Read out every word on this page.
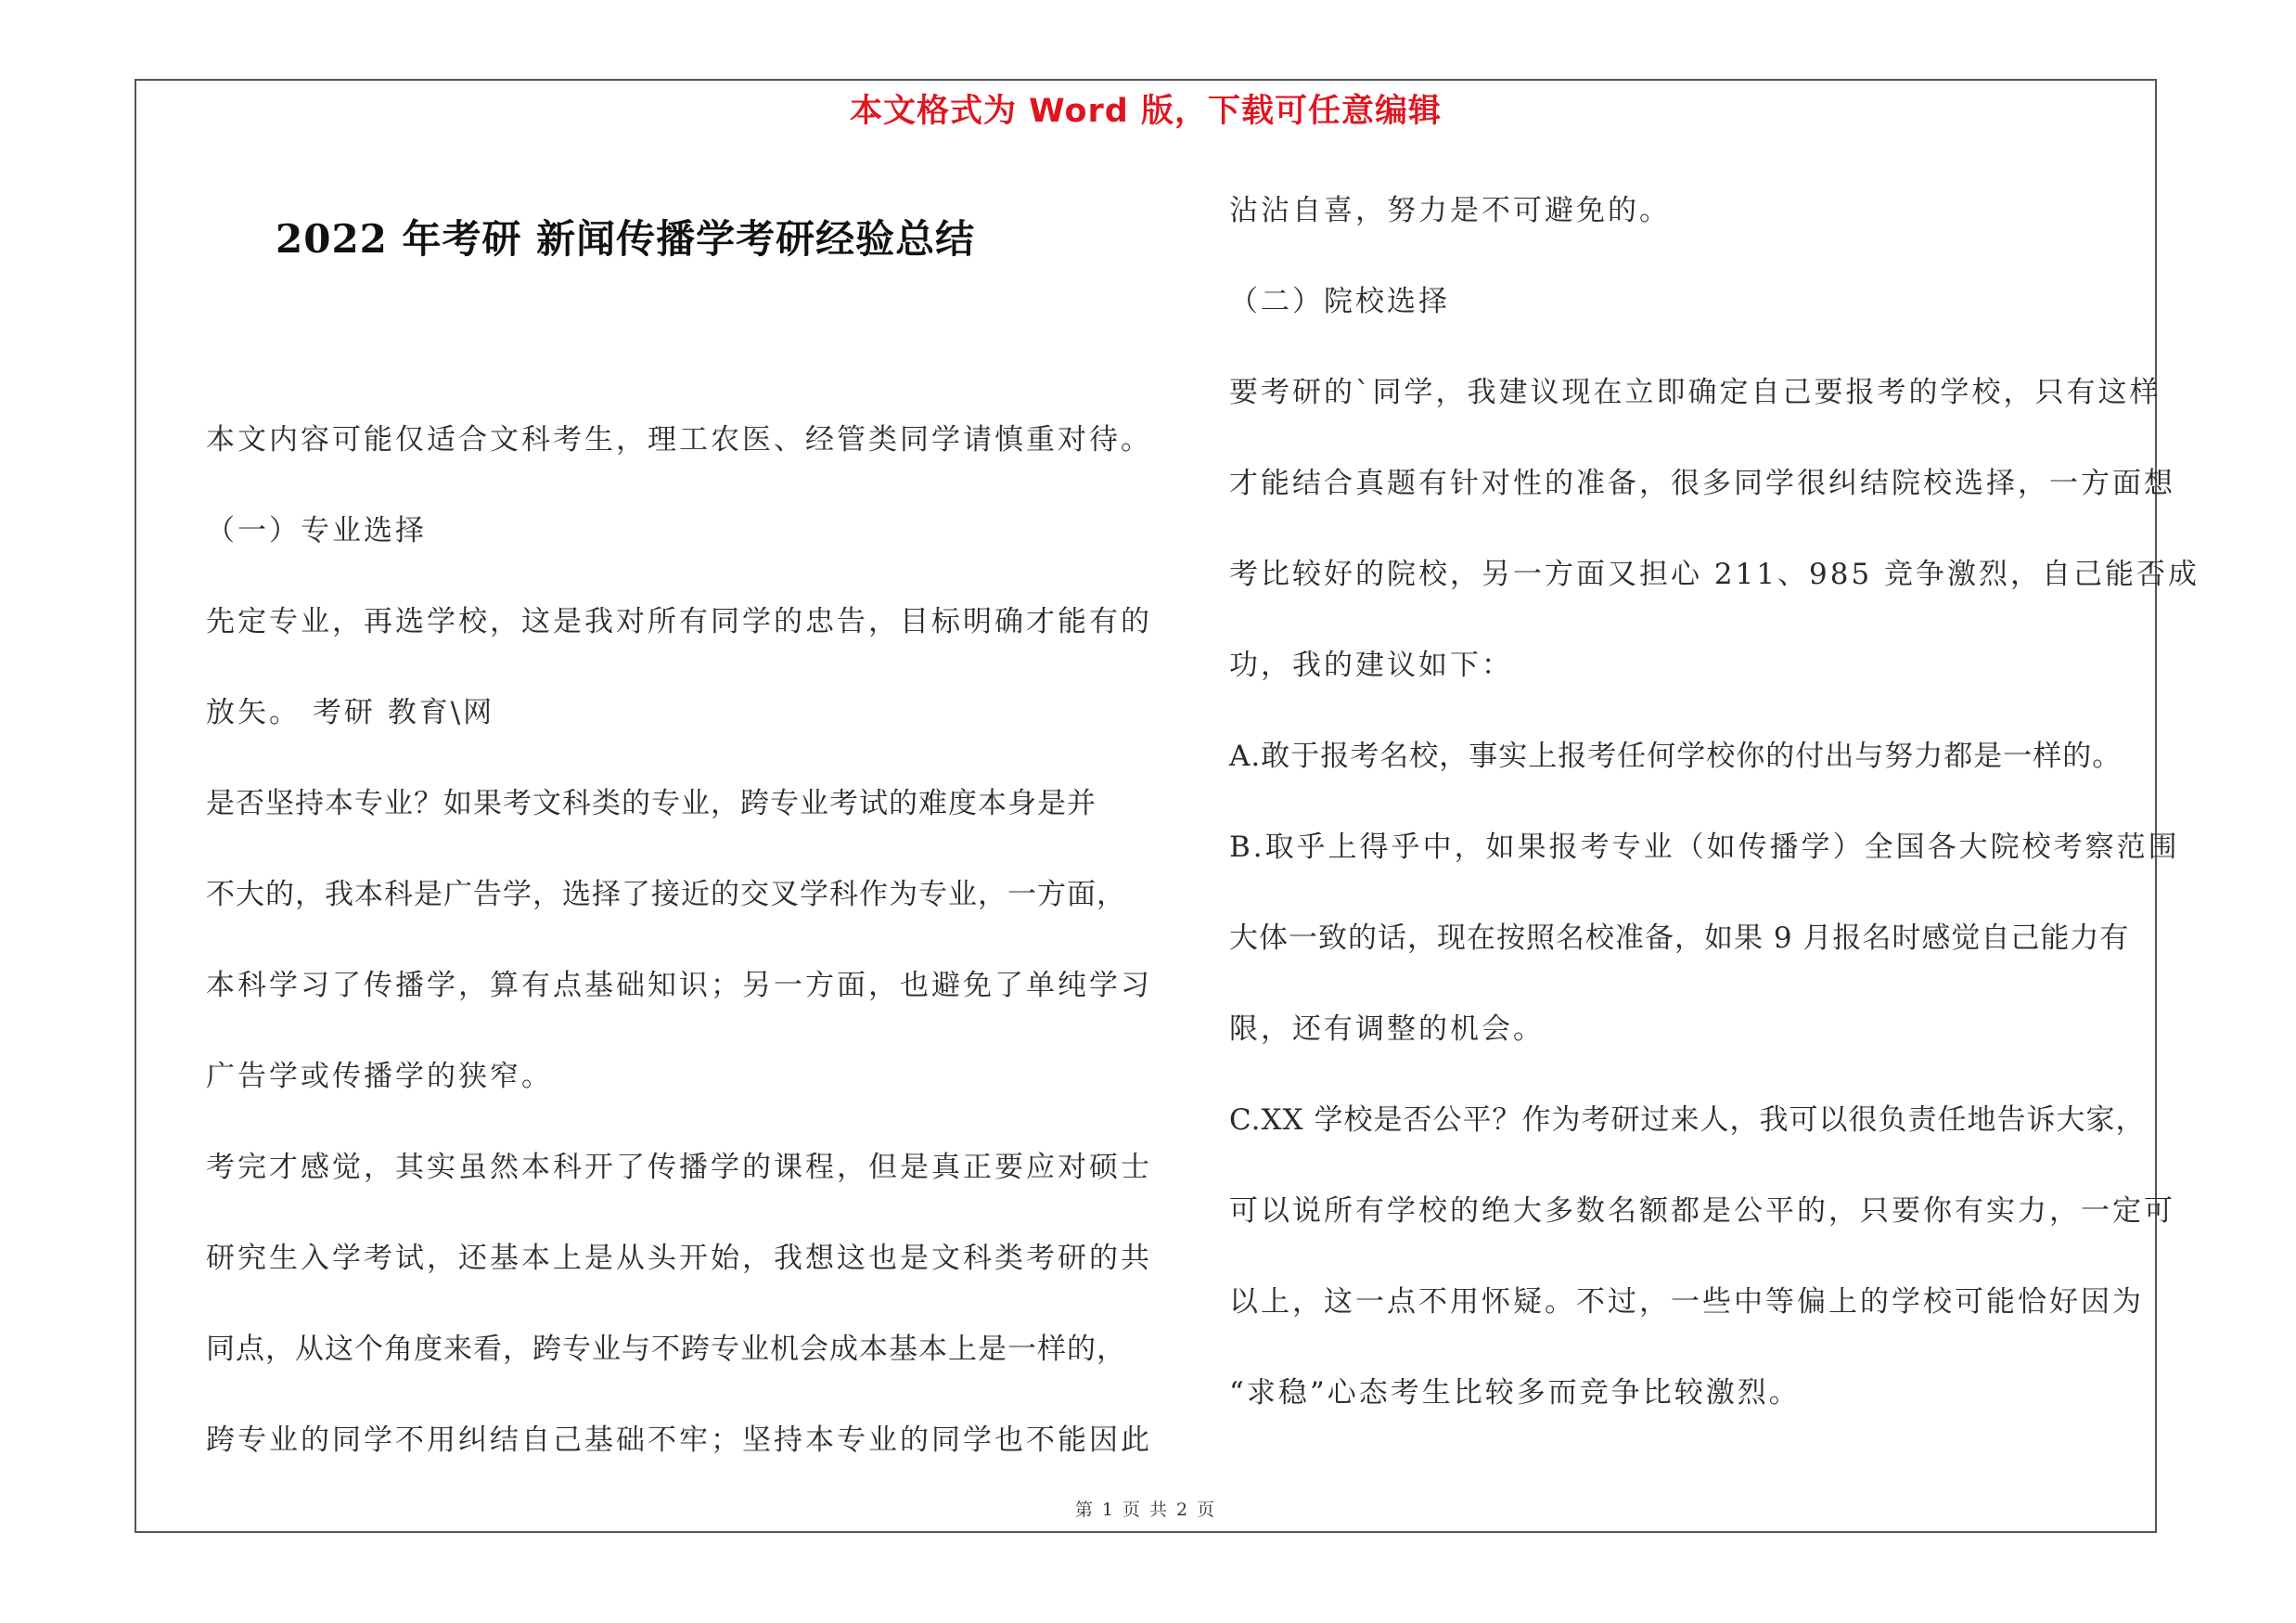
本文格式为 Word 版，下载可任意编辑
2022 年考研 新闻传播学考研经验总结
本文内容可能仅适合文科考生，理工农医、经管类同学请慎重对待。
（一）专业选择
先定专业，再选学校，这是我对所有同学的忠告，目标明确才能有的
放矢。 考研 教育\网
是否坚持本专业？如果考文科类的专业，跨专业考试的难度本身是并
不大的，我本科是广告学，选择了接近的交叉学科作为专业，一方面，
本科学习了传播学，算有点基础知识；另一方面，也避免了单纯学习
广告学或传播学的狭窄。
考完才感觉，其实虽然本科开了传播学的课程，但是真正要应对硕士
研究生入学考试，还基本上是从头开始，我想这也是文科类考研的共
同点，从这个角度来看，跨专业与不跨专业机会成本基本上是一样的，
跨专业的同学不用纠结自己基础不牢；坚持本专业的同学也不能因此
沾沾自喜，努力是不可避免的。
（二）院校选择
要考研的`同学，我建议现在立即确定自己要报考的学校，只有这样
才能结合真题有针对性的准备，很多同学很纠结院校选择，一方面想
考比较好的院校，另一方面又担心 211、985 竞争激烈，自己能否成
功，我的建议如下：
A.敢于报考名校，事实上报考任何学校你的付出与努力都是一样的。
B.取乎上得乎中，如果报考专业（如传播学）全国各大院校考察范围
大体一致的话，现在按照名校准备，如果 9 月报名时感觉自己能力有
限，还有调整的机会。
C.XX 学校是否公平？作为考研过来人，我可以很负责任地告诉大家，
可以说所有学校的绝大多数名额都是公平的，只要你有实力，一定可
以上，这一点不用怀疑。不过，一些中等偏上的学校可能恰好因为
“求稳”心态考生比较多而竞争比较激烈。
第 1 页 共 2 页
